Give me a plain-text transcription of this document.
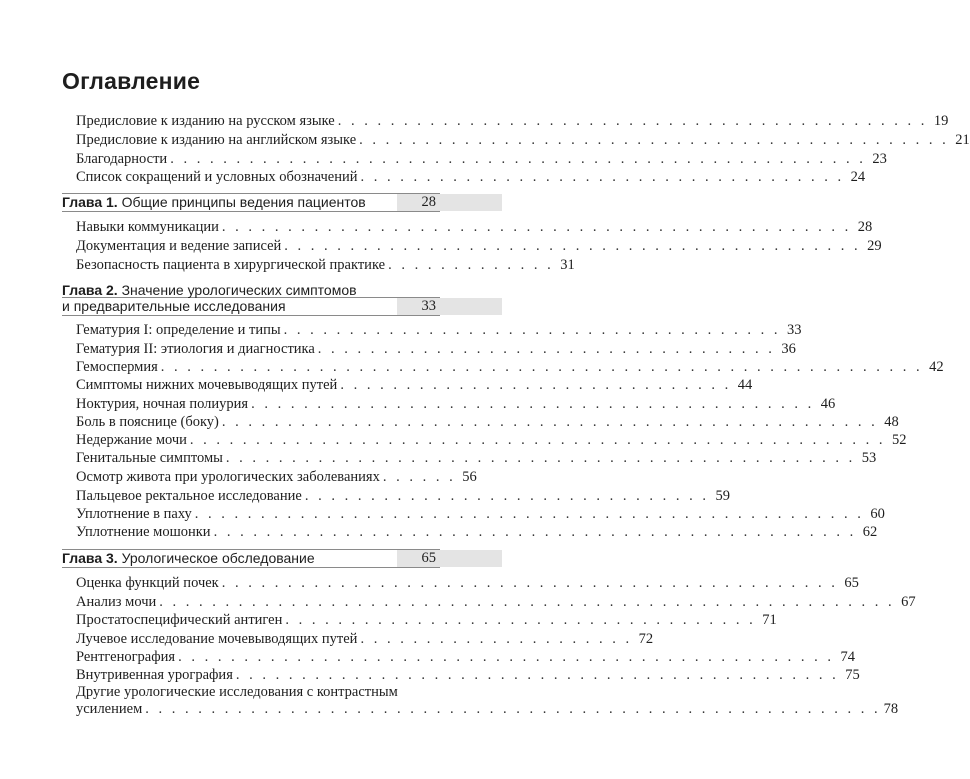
Оглавление
Предисловие к изданию на русском языке . . . . . . . . . . . . . . . . . . . . . . . . . . . . . . . . . . . . . . . . . . . . . 19
Предисловие к изданию на английском языке . . . . . . . . . . . . . . . . . . . . . . . . . . . . . . . . . . . . . . . . . . . . . 21
Благодарности . . . . . . . . . . . . . . . . . . . . . . . . . . . . . . . . . . . . . . . . . . . . . . . . . . . . . 23
Список сокращений и условных обозначений . . . . . . . . . . . . . . . . . . . . . . . . . . . . . . . . . . . . . 24
Глава 1. Общие принципы ведения пациентов	28
Навыки коммуникации . . . . . . . . . . . . . . . . . . . . . . . . . . . . . . . . . . . . . . . . . . . . . . . . 28
Документация и ведение записей . . . . . . . . . . . . . . . . . . . . . . . . . . . . . . . . . . . . . . . . . . . . 29
Безопасность пациента в хирургической практике . . . . . . . . . . . . . 31
Глава 2. Значение урологических симптомов
и предварительные исследования	33
Гематурия I: определение и типы . . . . . . . . . . . . . . . . . . . . . . . . . . . . . . . . . . . . . . 33
Гематурия II: этиология и диагностика . . . . . . . . . . . . . . . . . . . . . . . . . . . . . . . . . . . 36
Гемоспермия . . . . . . . . . . . . . . . . . . . . . . . . . . . . . . . . . . . . . . . . . . . . . . . . . . . . . . . . . . 42
Симптомы нижних мочевыводящих путей . . . . . . . . . . . . . . . . . . . . . . . . . . . . . . 44
Ноктурия, ночная полиурия . . . . . . . . . . . . . . . . . . . . . . . . . . . . . . . . . . . . . . . . . . . 46
Боль в пояснице (боку) . . . . . . . . . . . . . . . . . . . . . . . . . . . . . . . . . . . . . . . . . . . . . . . . . . 48
Недержание мочи . . . . . . . . . . . . . . . . . . . . . . . . . . . . . . . . . . . . . . . . . . . . . . . . . . . . . 52
Генитальные симптомы . . . . . . . . . . . . . . . . . . . . . . . . . . . . . . . . . . . . . . . . . . . . . . . . 53
Осмотр живота при урологических заболеваниях . . . . . . 56
Пальцевое ректальное исследование . . . . . . . . . . . . . . . . . . . . . . . . . . . . . . . 59
Уплотнение в паху . . . . . . . . . . . . . . . . . . . . . . . . . . . . . . . . . . . . . . . . . . . . . . . . . . . 60
Уплотнение мошонки . . . . . . . . . . . . . . . . . . . . . . . . . . . . . . . . . . . . . . . . . . . . . . . . . 62
Глава 3. Урологическое обследование	65
Оценка функций почек . . . . . . . . . . . . . . . . . . . . . . . . . . . . . . . . . . . . . . . . . . . . . . . 65
Анализ мочи . . . . . . . . . . . . . . . . . . . . . . . . . . . . . . . . . . . . . . . . . . . . . . . . . . . . . . . . 67
Простатоспецифический антиген . . . . . . . . . . . . . . . . . . . . . . . . . . . . . . . . . . . . 71
Лучевое исследование мочевыводящих путей . . . . . . . . . . . . . . . . . . . . . 72
Рентгенография . . . . . . . . . . . . . . . . . . . . . . . . . . . . . . . . . . . . . . . . . . . . . . . . . . 74
Внутривенная урография . . . . . . . . . . . . . . . . . . . . . . . . . . . . . . . . . . . . . . . . . . . . . . 75
Другие урологические исследования с контрастным
усилением . . . . . . . . . . . . . . . . . . . . . . . . . . . . . . . . . . . . . . . . . . . . . . . . . . . . . . . . 78
